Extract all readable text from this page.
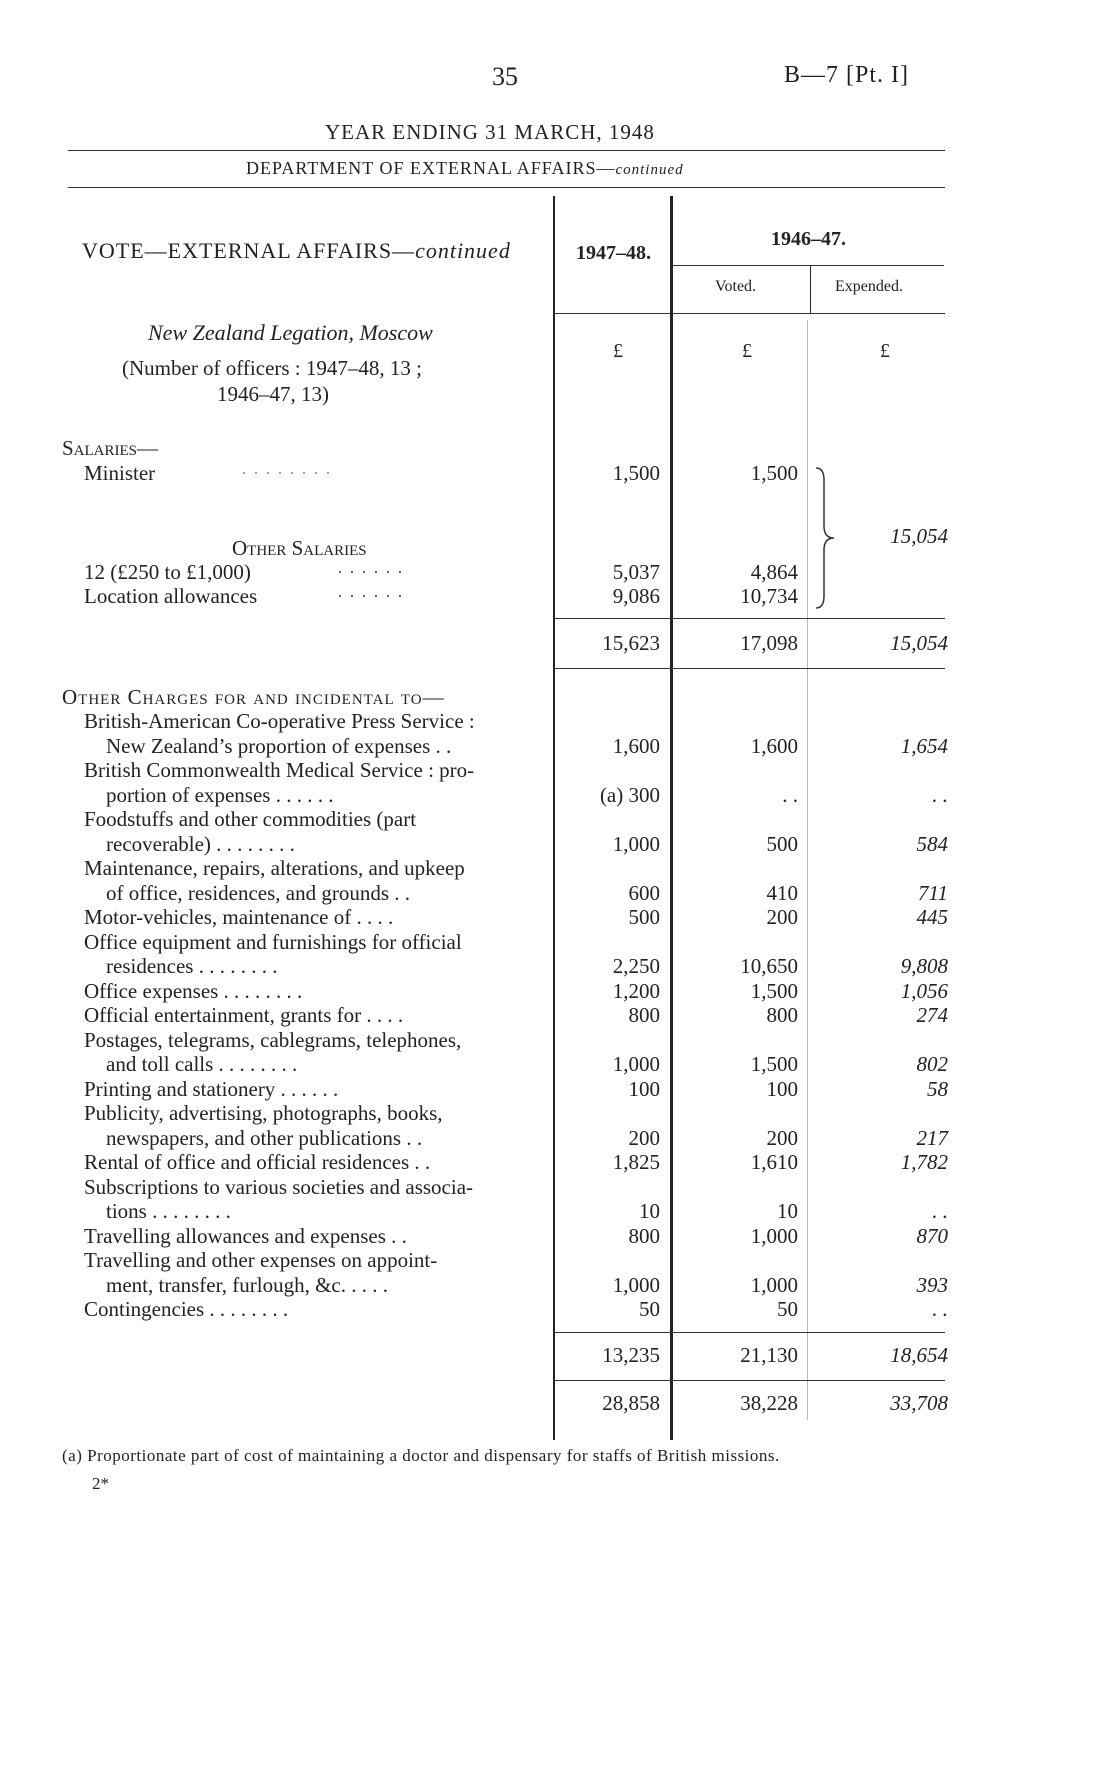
35	B—7 [Pt. I]
YEAR ENDING 31 MARCH, 1948
DEPARTMENT OF EXTERNAL AFFAIRS—continued
VOTE—EXTERNAL AFFAIRS—continued	1947–48.
1946–47.
Voted.	Expended.
New Zealand Legation, Moscow
(Number of officers : 1947–48, 13 ;
1946–47, 13)
£	£	£
Salaries—
Minister	. . . . . . . .	1,500	1,500
Other Salaries
12 (£250 to £1,000)	. . . . . .	5,037	4,864
Location allowances	. . . . . .	9,086	10,734
15,054
15,623	17,098	15,054
Other Charges for and incidental to—
British-American Co-operative Press Service :
New Zealand’s proportion of expenses . .	1,600	1,600	1,654
British Commonwealth Medical Service : pro-
portion of expenses . . . . . .	(a) 300	. .	. .
Foodstuffs and other commodities (part
recoverable) . . . . . . . .	1,000	500	584
Maintenance, repairs, alterations, and upkeep
of office, residences, and grounds . .	600	410	711
Motor-vehicles, maintenance of . . . .	500	200	445
Office equipment and furnishings for official
residences . . . . . . . .	2,250	10,650	9,808
Office expenses . . . . . . . .	1,200	1,500	1,056
Official entertainment, grants for . . . .	800	800	274
Postages, telegrams, cablegrams, telephones,
and toll calls . . . . . . . .	1,000	1,500	802
Printing and stationery . . . . . .	100	100	58
Publicity, advertising, photographs, books,
newspapers, and other publications . .	200	200	217
Rental of office and official residences . .	1,825	1,610	1,782
Subscriptions to various societies and associa-
tions . . . . . . . .	10	10	. .
Travelling allowances and expenses . .	800	1,000	870
Travelling and other expenses on appoint-
ment, transfer, furlough, &c. . . . .	1,000	1,000	393
Contingencies . . . . . . . .	50	50	. .
13,235	21,130	18,654
28,858	38,228	33,708
(a) Proportionate part of cost of maintaining a doctor and dispensary for staffs of British missions.
2*
